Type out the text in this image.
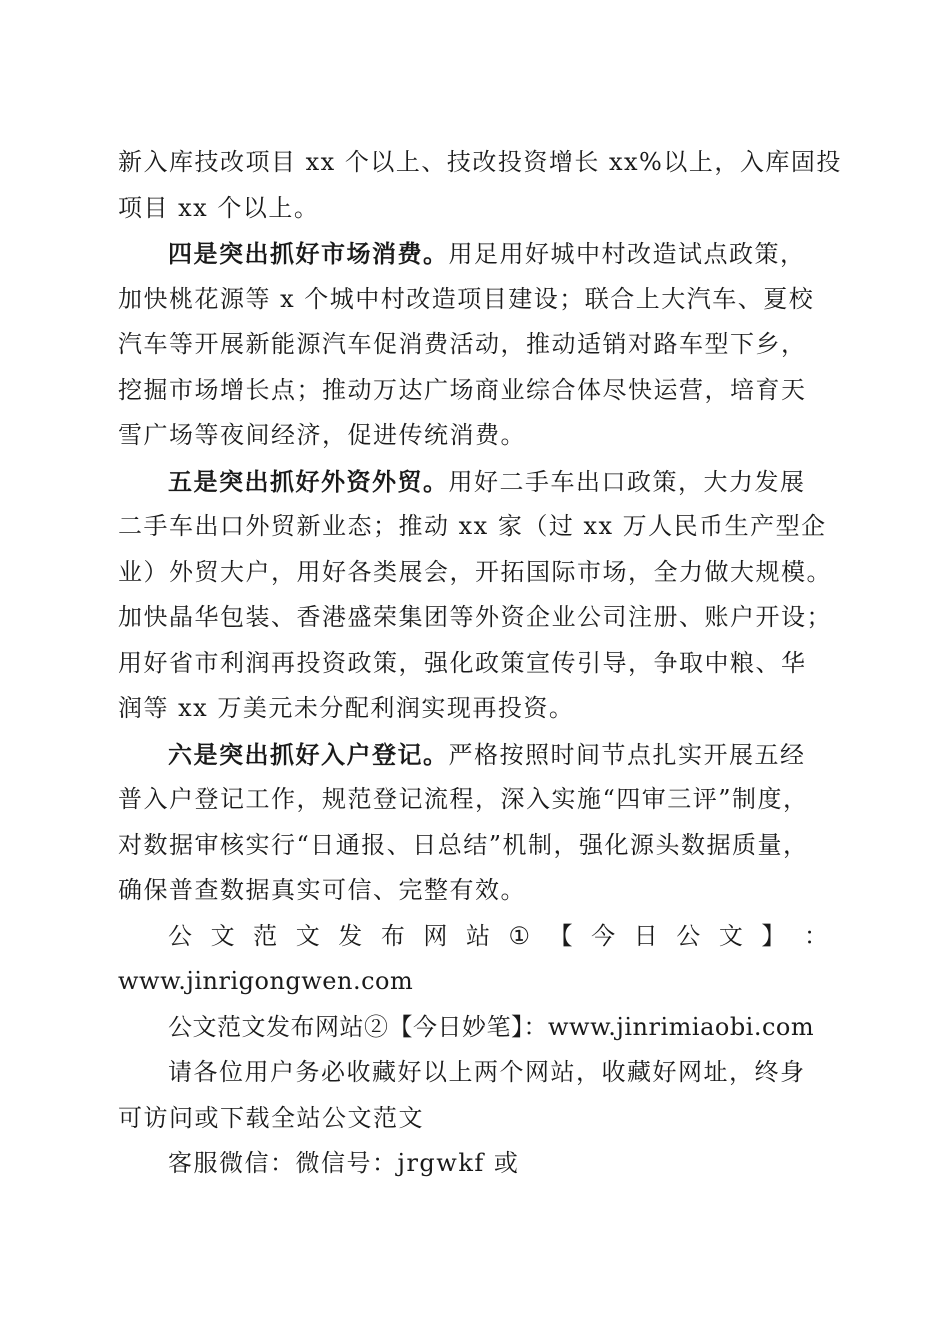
新入库技改项目 xx 个以上、技改投资增长 xx%以上，入库固投
项目 xx 个以上。
四是突出抓好市场消费。用足用好城中村改造试点政策，
加快桃花源等 x 个城中村改造项目建设；联合上大汽车、夏校
汽车等开展新能源汽车促消费活动，推动适销对路车型下乡，
挖掘市场增长点；推动万达广场商业综合体尽快运营，培育天
雪广场等夜间经济，促进传统消费。
五是突出抓好外资外贸。用好二手车出口政策，大力发展
二手车出口外贸新业态；推动 xx 家（过 xx 万人民币生产型企
业）外贸大户，用好各类展会，开拓国际市场，全力做大规模。
加快晶华包装、香港盛荣集团等外资企业公司注册、账户开设；
用好省市利润再投资政策，强化政策宣传引导，争取中粮、华
润等 xx 万美元未分配利润实现再投资。
六是突出抓好入户登记。严格按照时间节点扎实开展五经
普入户登记工作，规范登记流程，深入实施“四审三评”制度，
对数据审核实行“日通报、日总结”机制，强化源头数据质量，
确保普查数据真实可信、完整有效。
公 文 范 文 发 布 网 站 ① 【 今 日 公 文 】 ：
www.jinrigongwen.com
公文范文发布网站②【今日妙笔】：www.jinrimiaobi.com
请各位用户务必收藏好以上两个网站，收藏好网址，终身
可访问或下载全站公文范文
客服微信：微信号：jrgwkf 或
